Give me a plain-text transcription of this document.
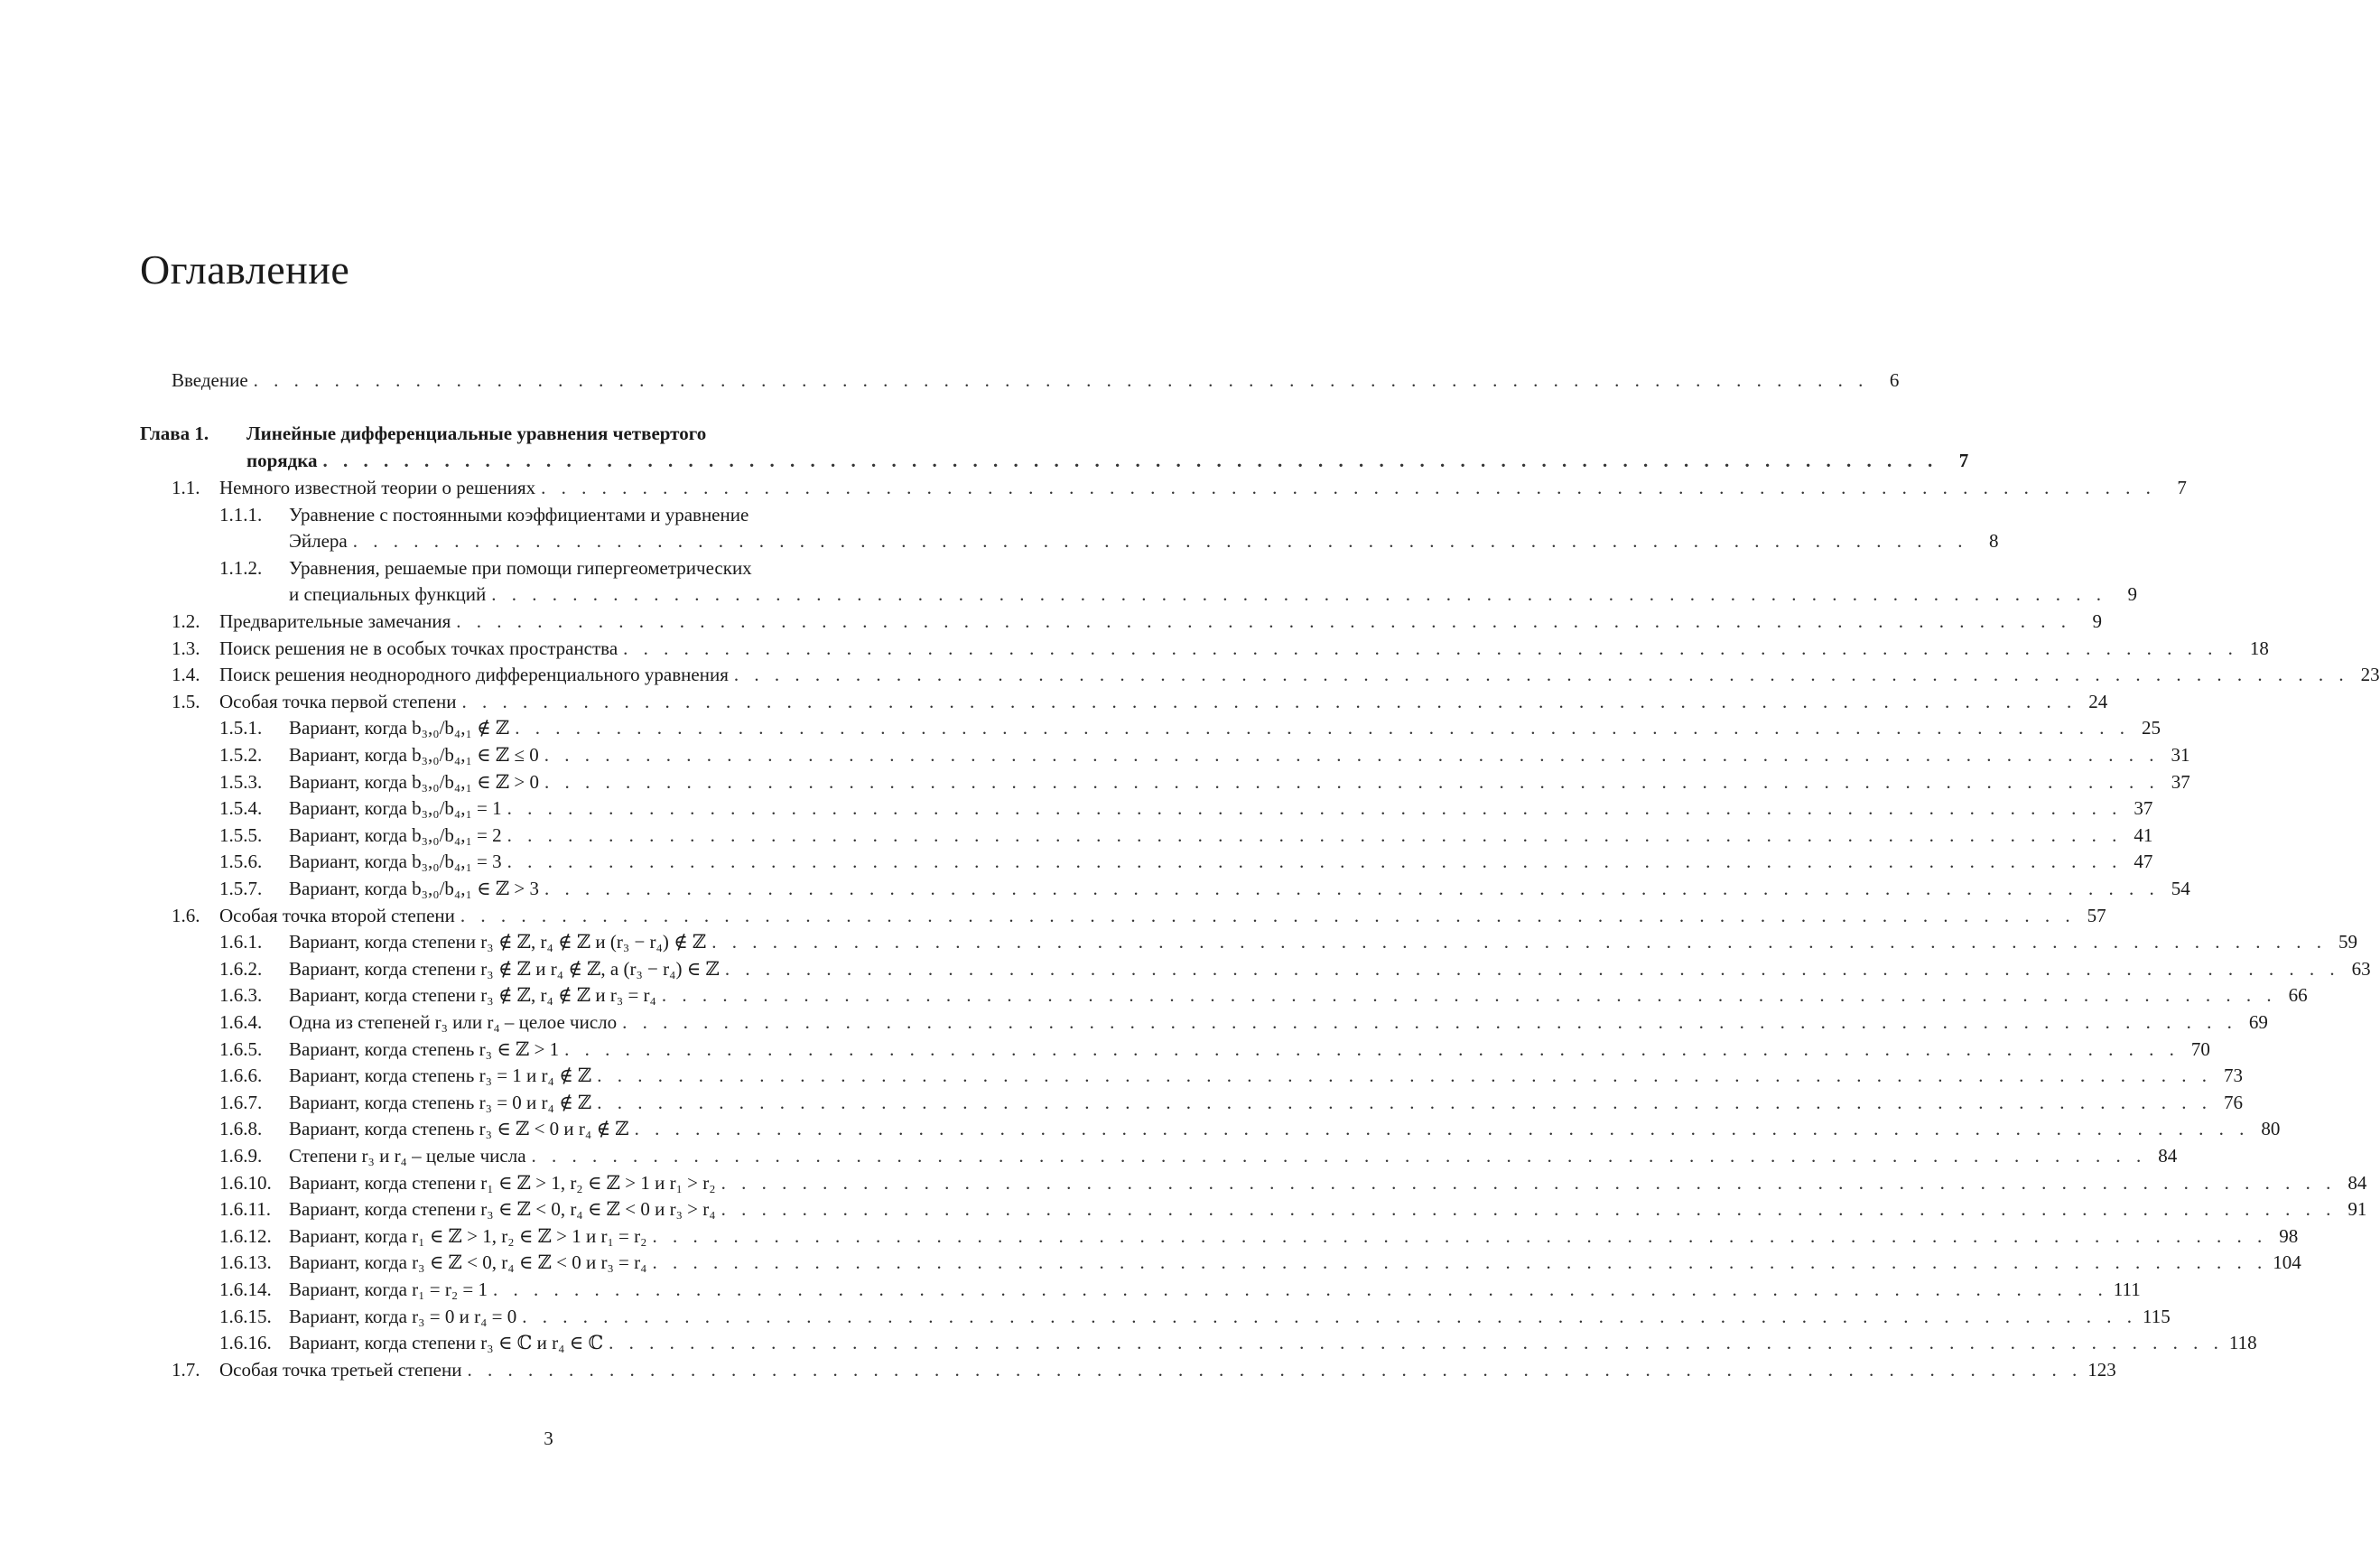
Оглавление
Введение . . .	6
Глава 1. Линейные дифференциальные уравнения четвертого
порядка . . .	7
1.1. Немного известной теории о решениях . . .	7
1.1.1. Уравнение с постоянными коэффициентами и уравнение
Эйлера . . .	8
1.1.2. Уравнения, решаемые при помощи гипергеометрических
и специальных функций . . .	9
1.2. Предварительные замечания . . .	9
1.3. Поиск решения не в особых точках пространства . . .	18
1.4. Поиск решения неоднородного дифференциального уравнения . . .	23
1.5. Особая точка первой степени . . .	24
1.5.1. Вариант, когда b₃,₀/b₄,₁ ∉ ℤ . . .	25
1.5.2. Вариант, когда b₃,₀/b₄,₁ ∈ ℤ ≤ 0 . . .	31
1.5.3. Вариант, когда b₃,₀/b₄,₁ ∈ ℤ > 0 . . .	37
1.5.4. Вариант, когда b₃,₀/b₄,₁ = 1 . . .	37
1.5.5. Вариант, когда b₃,₀/b₄,₁ = 2 . . .	41
1.5.6. Вариант, когда b₃,₀/b₄,₁ = 3 . . .	47
1.5.7. Вариант, когда b₃,₀/b₄,₁ ∈ ℤ > 3 . . .	54
1.6. Особая точка второй степени . . .	57
1.6.1. Вариант, когда степени r₃ ∉ ℤ, r₄ ∉ ℤ и (r₃ − r₄) ∉ ℤ . . .	59
1.6.2. Вариант, когда степени r₃ ∉ ℤ и r₄ ∉ ℤ, а (r₃ − r₄) ∈ ℤ . . .	63
1.6.3. Вариант, когда степени r₃ ∉ ℤ, r₄ ∉ ℤ и r₃ = r₄ . . .	66
1.6.4. Одна из степеней r₃ или r₄ – целое число . . .	69
1.6.5. Вариант, когда степень r₃ ∈ ℤ > 1 . . .	70
1.6.6. Вариант, когда степень r₃ = 1 и r₄ ∉ ℤ . . .	73
1.6.7. Вариант, когда степень r₃ = 0 и r₄ ∉ ℤ . . .	76
1.6.8. Вариант, когда степень r₃ ∈ ℤ < 0 и r₄ ∉ ℤ . . .	80
1.6.9. Степени r₃ и r₄ – целые числа . . .	84
1.6.10. Вариант, когда степени r₁ ∈ ℤ > 1, r₂ ∈ ℤ > 1 и r₁ > r₂ . . .	84
1.6.11. Вариант, когда степени r₃ ∈ ℤ < 0, r₄ ∈ ℤ < 0 и r₃ > r₄ . . .	91
1.6.12. Вариант, когда r₁ ∈ ℤ > 1, r₂ ∈ ℤ > 1 и r₁ = r₂ . . .	98
1.6.13. Вариант, когда r₃ ∈ ℤ < 0, r₄ ∈ ℤ < 0 и r₃ = r₄ . . .	104
1.6.14. Вариант, когда r₁ = r₂ = 1 . . .	111
1.6.15. Вариант, когда r₃ = 0 и r₄ = 0 . . .	115
1.6.16. Вариант, когда степени r₃ ∈ ℂ и r₄ ∈ ℂ . . .	118
1.7. Особая точка третьей степени . . .	123
3
